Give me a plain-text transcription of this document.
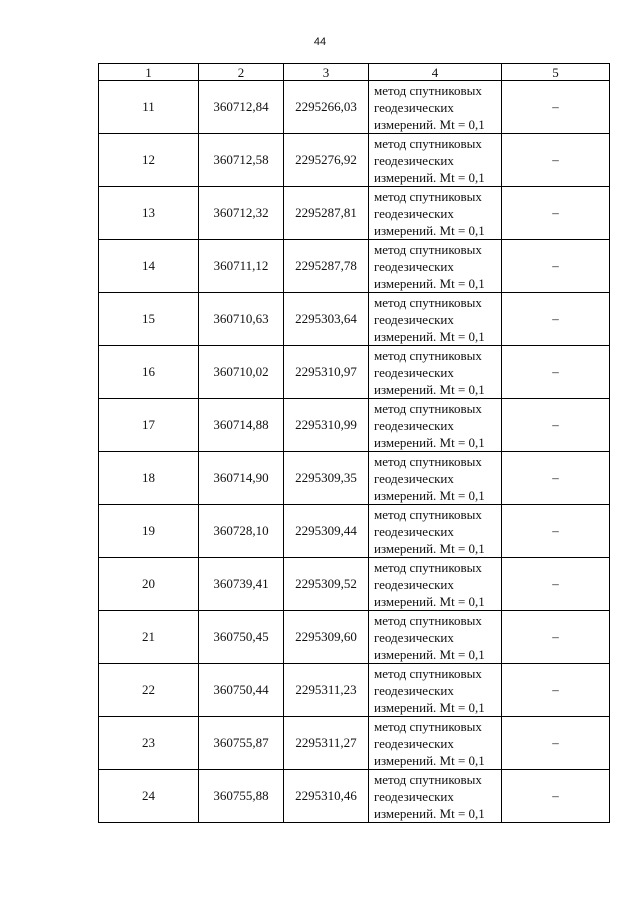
44
1	2	3	4	5
11	360712,84	2295266,03	метод спутниковых
геодезических
измерений. Mt = 0,1	–
12	360712,58	2295276,92	метод спутниковых
геодезических
измерений. Mt = 0,1	–
13	360712,32	2295287,81	метод спутниковых
геодезических
измерений. Mt = 0,1	–
14	360711,12	2295287,78	метод спутниковых
геодезических
измерений. Mt = 0,1	–
15	360710,63	2295303,64	метод спутниковых
геодезических
измерений. Mt = 0,1	–
16	360710,02	2295310,97	метод спутниковых
геодезических
измерений. Mt = 0,1	–
17	360714,88	2295310,99	метод спутниковых
геодезических
измерений. Mt = 0,1	–
18	360714,90	2295309,35	метод спутниковых
геодезических
измерений. Mt = 0,1	–
19	360728,10	2295309,44	метод спутниковых
геодезических
измерений. Mt = 0,1	–
20	360739,41	2295309,52	метод спутниковых
геодезических
измерений. Mt = 0,1	–
21	360750,45	2295309,60	метод спутниковых
геодезических
измерений. Mt = 0,1	–
22	360750,44	2295311,23	метод спутниковых
геодезических
измерений. Mt = 0,1	–
23	360755,87	2295311,27	метод спутниковых
геодезических
измерений. Mt = 0,1	–
24	360755,88	2295310,46	метод спутниковых
геодезических
измерений. Mt = 0,1	–
